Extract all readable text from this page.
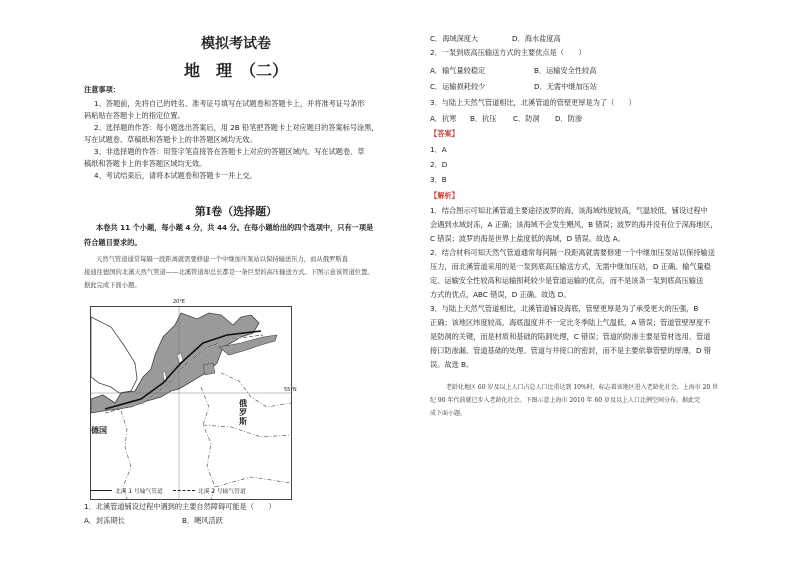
模拟考试卷
地　理　（二）
注意事项：
1、答题前，先将自己的姓名、准考证号填写在试题卷和答题卡上，并将准考证号条形
码粘贴在答题卡上的指定位置。
2、选择题的作答：每小题选出答案后，用 2B 铅笔把答题卡上对应题目的答案标号涂黑，
写在试题卷、草稿纸和答题卡上的非答题区域均无效。
3、非选择题的作答：用签字笔直接答在答题卡上对应的答题区域内。写在试题卷、草
稿纸和答题卡上的非答题区域均无效。
4、考试结束后，请将本试题卷和答题卡一并上交。
第Ⅰ卷（选择题）
本卷共 11 个小题，每小题 4 分，共 44 分。在每小题给出的四个选项中，只有一项是
符合题目要求的。
天然气管道通常每隔一段距离就需要修建一个中继加压泵站以保持输送压力，而从俄罗斯直
接通往德国的北溪天然气管道——北溪管道却总长都是一条巨型的高压输送方式。下图示意该管道位置。
据此完成下面小题。
20°E
55°N
俄罗斯
德国
北溪 1 号输气管道
	北溪 2 号输气管道
1．北溪管道铺设过程中遇到的主要自然障碍可能是（　　）
A．封冻期长	B．飓风活跃
C．海域深度大	D．海水盐度高
2．一泵到底高压输送方式的主要优点是（　　）
A．输气量较稳定	B．运输安全性较高
C．运输损耗较少	D．无需中继加压站
3．与陆上天然气管道相比，北溪管道的管壁更厚是为了（　　）
A．抗寒 B．抗压 C．防洞 D．防渗
【答案】
1．A
2．D
3．B
【解析】
1．结合图示可知北溪管道主要途径波罗的海，该海域纬度较高，气温较低，铺设过程中
会遇到水域封冻，A 正确；该海域不会发生飓风，B 错误；波罗的海并没有位于深海地区，
C 错误；波罗的海是世界上盐度低的海域，D 错误。故选 A。
2．结合材料可知天然气管道通常每间隔一段距离就需要修建一个中继加压泵站以保持输送
压力，而北溪管道采用的是一泵到底高压输送方式，无需中继加压站，D 正确。输气量稳
定、运输安全性较高和运输损耗较少是管道运输的优点，而不是该条一泵到底高压输送
方式的优点，ABC 错误，D 正确。故选 D。
3．与陆上天然气管道相比，北溪管道铺设海底，管壁更厚是为了承受更大的压强，B
正确；该地区纬度较高，海底温度并不一定比冬季陆上气温低，A 错误；管道管壁厚度不
是防洞的关键，而是材质和基础的陷洞处理，C 错误；管道的防渗主要是管材选用、管道
接口防渗漏、管道基础的处理、管道与井接口的密封，而不是主要依靠管壁的厚薄，D 错
误。故选 B。
老龄化地区 60 岁及以上人口占总人口比重达到 10%时，标志着该地区进入老龄化社会。上海市 20 世
纪 90 年代前就已步入老龄化社会。下图示意上海市 2010 年 60 岁及以上人口比例空间分布。据此完
成下面小题。
